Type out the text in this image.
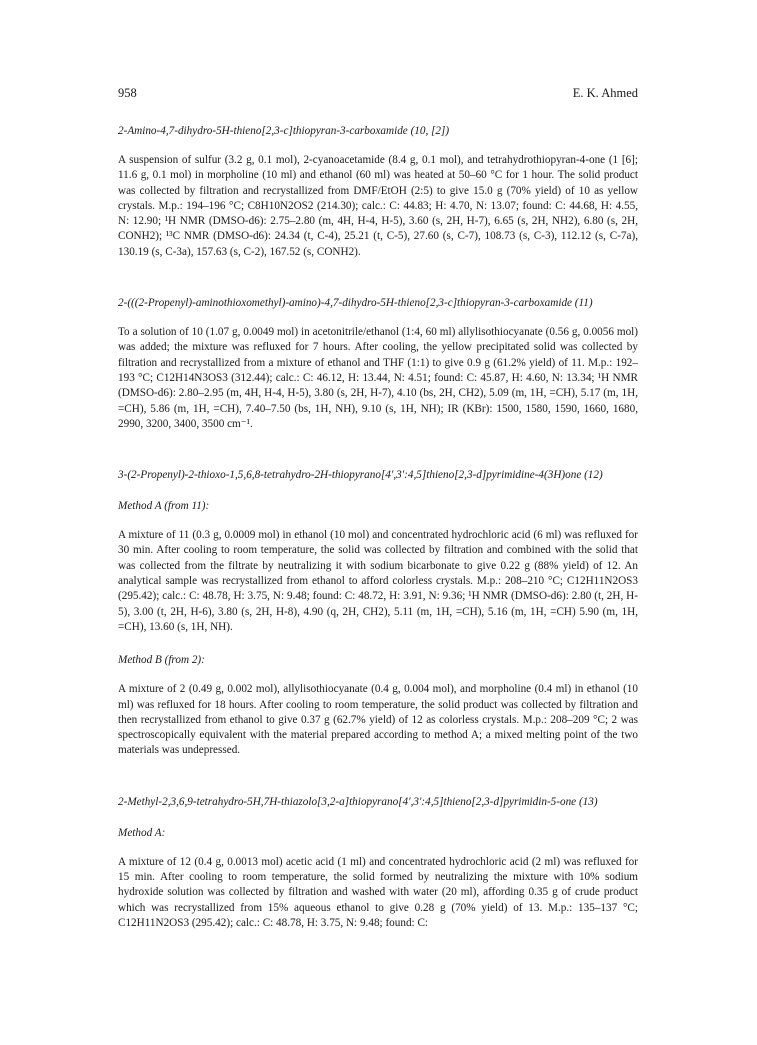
958	E. K. Ahmed

2-Amino-4,7-dihydro-5H-thieno[2,3-c]thiopyran-3-carboxamide (10, [2])

A suspension of sulfur (3.2 g, 0.1 mol), 2-cyanoacetamide (8.4 g, 0.1 mol), and tetrahydrothiopyran-4-one (1 [6]; 11.6 g, 0.1 mol) in morpholine (10 ml) and ethanol (60 ml) was heated at 50–60 °C for 1 hour. The solid product was collected by filtration and recrystallized from DMF/EtOH (2:5) to give 15.0 g (70% yield) of 10 as yellow crystals. M.p.: 194–196 °C; C8H10N2OS2 (214.30); calc.: C: 44.83; H: 4.70, N: 13.07; found: C: 44.68, H: 4.55, N: 12.90; ¹H NMR (DMSO-d6): 2.75–2.80 (m, 4H, H-4, H-5), 3.60 (s, 2H, H-7), 6.65 (s, 2H, NH2), 6.80 (s, 2H, CONH2); ¹³C NMR (DMSO-d6): 24.34 (t, C-4), 25.21 (t, C-5), 27.60 (s, C-7), 108.73 (s, C-3), 112.12 (s, C-7a), 130.19 (s, C-3a), 157.63 (s, C-2), 167.52 (s, CONH2).

2-(((2-Propenyl)-aminothioxomethyl)-amino)-4,7-dihydro-5H-thieno[2,3-c]thiopyran-3-carboxamide (11)

To a solution of 10 (1.07 g, 0.0049 mol) in acetonitrile/ethanol (1:4, 60 ml) allylisothiocyanate (0.56 g, 0.0056 mol) was added; the mixture was refluxed for 7 hours. After cooling, the yellow precipitated solid was collected by filtration and recrystallized from a mixture of ethanol and THF (1:1) to give 0.9 g (61.2% yield) of 11. M.p.: 192–193 °C; C12H14N3OS3 (312.44); calc.: C: 46.12, H: 13.44, N: 4.51; found: C: 45.87, H: 4.60, N: 13.34; ¹H NMR (DMSO-d6): 2.80–2.95 (m, 4H, H-4, H-5), 3.80 (s, 2H, H-7), 4.10 (bs, 2H, CH2), 5.09 (m, 1H, =CH), 5.17 (m, 1H, =CH), 5.86 (m, 1H, =CH), 7.40–7.50 (bs, 1H, NH), 9.10 (s, 1H, NH); IR (KBr): 1500, 1580, 1590, 1660, 1680, 2990, 3200, 3400, 3500 cm⁻¹.

3-(2-Propenyl)-2-thioxo-1,5,6,8-tetrahydro-2H-thiopyrano[4′,3′:4,5]thieno[2,3-d]pyrimidine-4(3H)one (12)

Method A (from 11):

A mixture of 11 (0.3 g, 0.0009 mol) in ethanol (10 mol) and concentrated hydrochloric acid (6 ml) was refluxed for 30 min. After cooling to room temperature, the solid was collected by filtration and combined with the solid that was collected from the filtrate by neutralizing it with sodium bicarbonate to give 0.22 g (88% yield) of 12. An analytical sample was recrystallized from ethanol to afford colorless crystals. M.p.: 208–210 °C; C12H11N2OS3 (295.42); calc.: C: 48.78, H: 3.75, N: 9.48; found: C: 48.72, H: 3.91, N: 9.36; ¹H NMR (DMSO-d6): 2.80 (t, 2H, H-5), 3.00 (t, 2H, H-6), 3.80 (s, 2H, H-8), 4.90 (q, 2H, CH2), 5.11 (m, 1H, =CH), 5.16 (m, 1H, =CH) 5.90 (m, 1H, =CH), 13.60 (s, 1H, NH).

Method B (from 2):

A mixture of 2 (0.49 g, 0.002 mol), allylisothiocyanate (0.4 g, 0.004 mol), and morpholine (0.4 ml) in ethanol (10 ml) was refluxed for 18 hours. After cooling to room temperature, the solid product was collected by filtration and then recrystallized from ethanol to give 0.37 g (62.7% yield) of 12 as colorless crystals. M.p.: 208–209 °C; 2 was spectroscopically equivalent with the material prepared according to method A; a mixed melting point of the two materials was undepressed.

2-Methyl-2,3,6,9-tetrahydro-5H,7H-thiazolo[3,2-a]thiopyrano[4′,3′:4,5]thieno[2,3-d]pyrimidin-5-one (13)

Method A:

A mixture of 12 (0.4 g, 0.0013 mol) acetic acid (1 ml) and concentrated hydrochloric acid (2 ml) was refluxed for 15 min. After cooling to room temperature, the solid formed by neutralizing the mixture with 10% sodium hydroxide solution was collected by filtration and washed with water (20 ml), affording 0.35 g of crude product which was recrystallized from 15% aqueous ethanol to give 0.28 g (70% yield) of 13. M.p.: 135–137 °C; C12H11N2OS3 (295.42); calc.: C: 48.78, H: 3.75, N: 9.48; found: C:
